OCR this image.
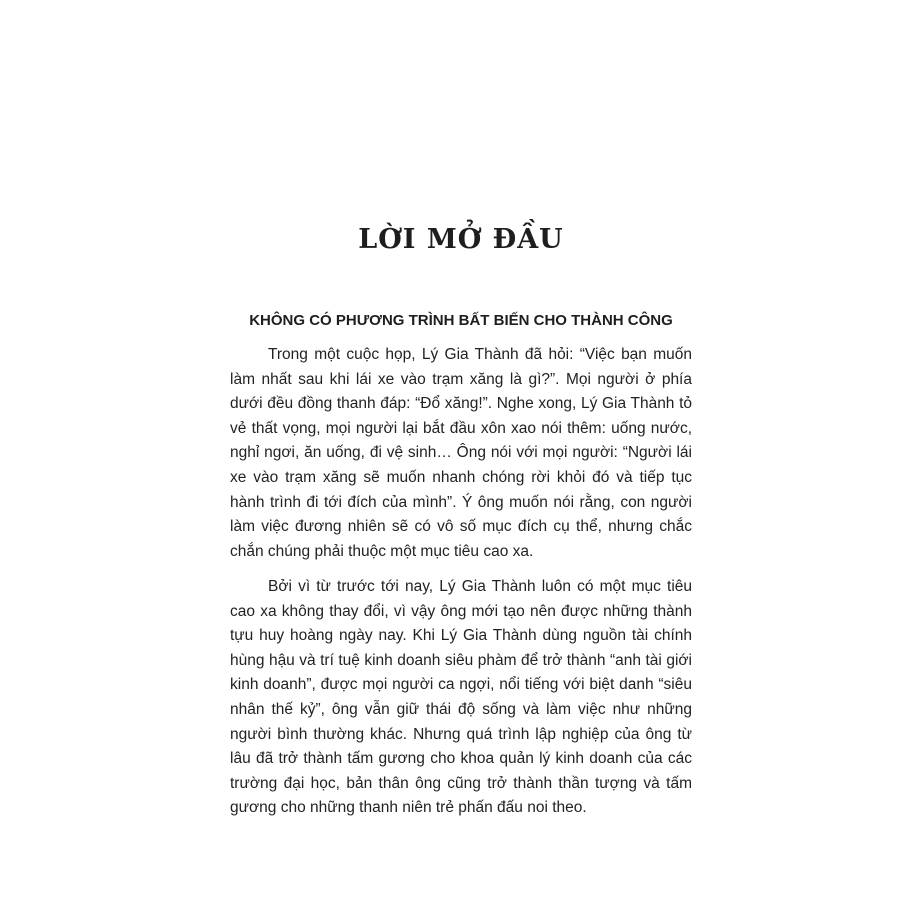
LỜI MỞ ĐẦU
KHÔNG CÓ PHƯƠNG TRÌNH BẤT BIẾN CHO THÀNH CÔNG

Trong một cuộc họp, Lý Gia Thành đã hỏi: “Việc bạn muốn làm nhất sau khi lái xe vào trạm xăng là gì?”. Mọi người ở phía dưới đều đồng thanh đáp: “Đổ xăng!”. Nghe xong, Lý Gia Thành tỏ vẻ thất vọng, mọi người lại bắt đầu xôn xao nói thêm: uống nước, nghỉ ngơi, ăn uống, đi vệ sinh… Ông nói với mọi người: “Người lái xe vào trạm xăng sẽ muốn nhanh chóng rời khỏi đó và tiếp tục hành trình đi tới đích của mình”. Ý ông muốn nói rằng, con người làm việc đương nhiên sẽ có vô số mục đích cụ thể, nhưng chắc chắn chúng phải thuộc một mục tiêu cao xa.

Bởi vì từ trước tới nay, Lý Gia Thành luôn có một mục tiêu cao xa không thay đổi, vì vậy ông mới tạo nên được những thành tựu huy hoàng ngày nay. Khi Lý Gia Thành dùng nguồn tài chính hùng hậu và trí tuệ kinh doanh siêu phàm để trở thành “anh tài giới kinh doanh”, được mọi người ca ngợi, nổi tiếng với biệt danh “siêu nhân thế kỷ”, ông vẫn giữ thái độ sống và làm việc như những người bình thường khác. Nhưng quá trình lập nghiệp của ông từ lâu đã trở thành tấm gương cho khoa quản lý kinh doanh của các trường đại học, bản thân ông cũng trở thành thần tượng và tấm gương cho những thanh niên trẻ phấn đấu noi theo.
